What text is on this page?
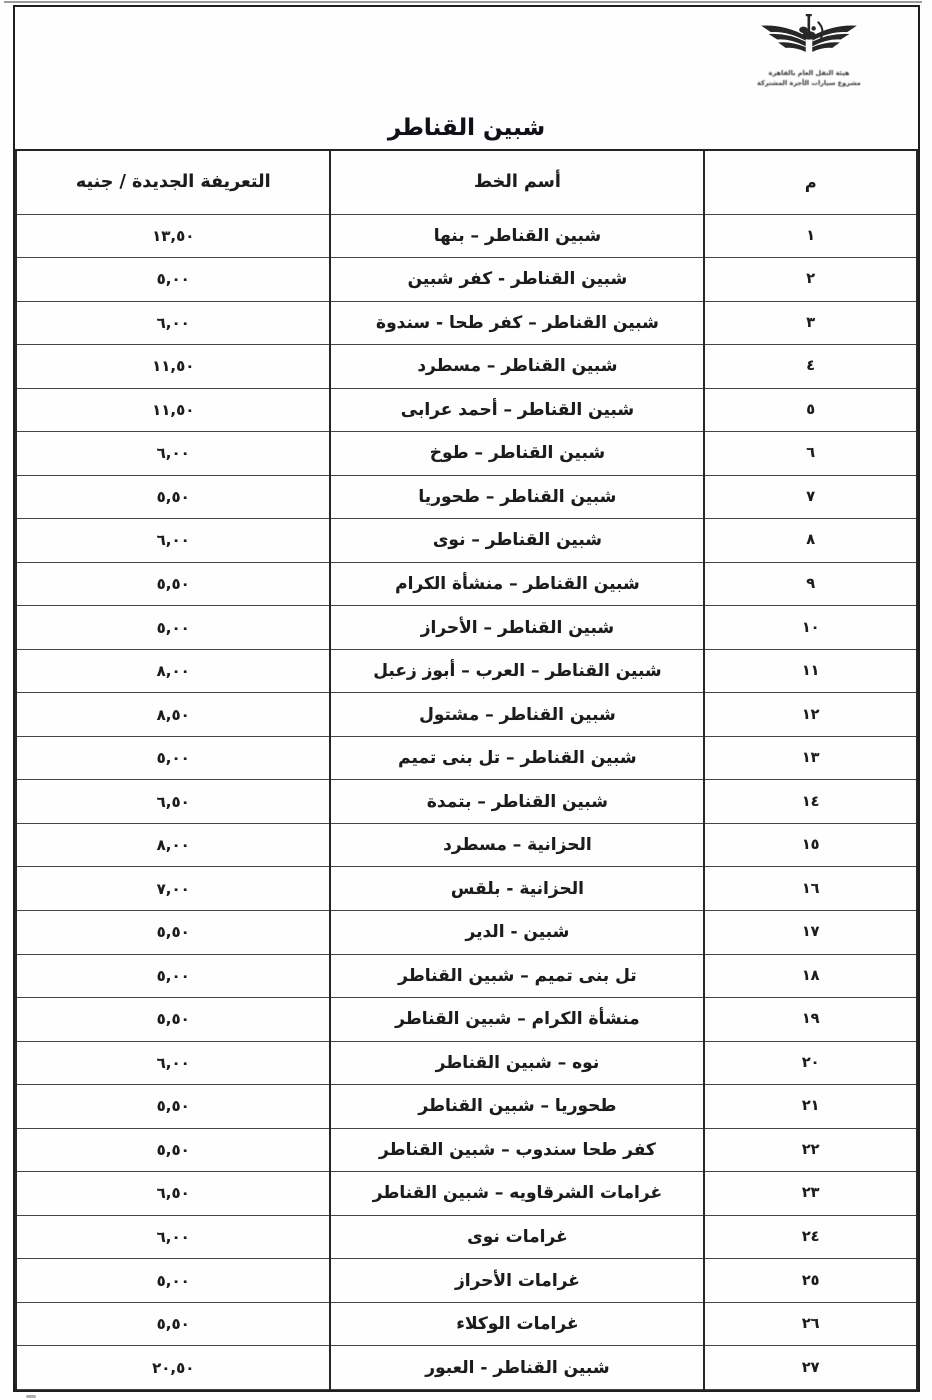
هيئة النقل العام بالقاهرة
مشروع سيارات الأجرة المشتركة
شبين القناطر
م	أسم الخط	التعريفة الجديدة / جنيه
١	شبين القناطر – بنها	١٣,٥٠
٢	شبين القناطر - كفر شبين	٥,٠٠
٣	شبين القناطر – كفر طحا - سندوة	٦,٠٠
٤	شبين القناطر – مسطرد	١١,٥٠
٥	شبين القناطر – أحمد عرابى	١١,٥٠
٦	شبين القناطر – طوخ	٦,٠٠
٧	شبين القناطر – طحوريا	٥,٥٠
٨	شبين القناطر – نوى	٦,٠٠
٩	شبين القناطر – منشأة الكرام	٥,٥٠
١٠	شبين القناطر – الأحراز	٥,٠٠
١١	شبين القناطر – العرب – أبوز زعبل	٨,٠٠
١٢	شبين القناطر – مشتول	٨,٥٠
١٣	شبين القناطر – تل بنى تميم	٥,٠٠
١٤	شبين القناطر – بتمدة	٦,٥٠
١٥	الحزانية – مسطرد	٨,٠٠
١٦	الحزانية - بلقس	٧,٠٠
١٧	شبين - الدير	٥,٥٠
١٨	تل بنى تميم – شبين القناطر	٥,٠٠
١٩	منشأة الكرام – شبين القناطر	٥,٥٠
٢٠	نوه – شبين القناطر	٦,٠٠
٢١	طحوريا – شبين القناطر	٥,٥٠
٢٢	كفر طحا سندوب – شبين القناطر	٥,٥٠
٢٣	غرامات الشرقاويه – شبين القناطر	٦,٥٠
٢٤	غرامات نوى	٦,٠٠
٢٥	غرامات الأحراز	٥,٠٠
٢٦	غرامات الوكلاء	٥,٥٠
٢٧	شبين القناطر - العبور	٢٠,٥٠
